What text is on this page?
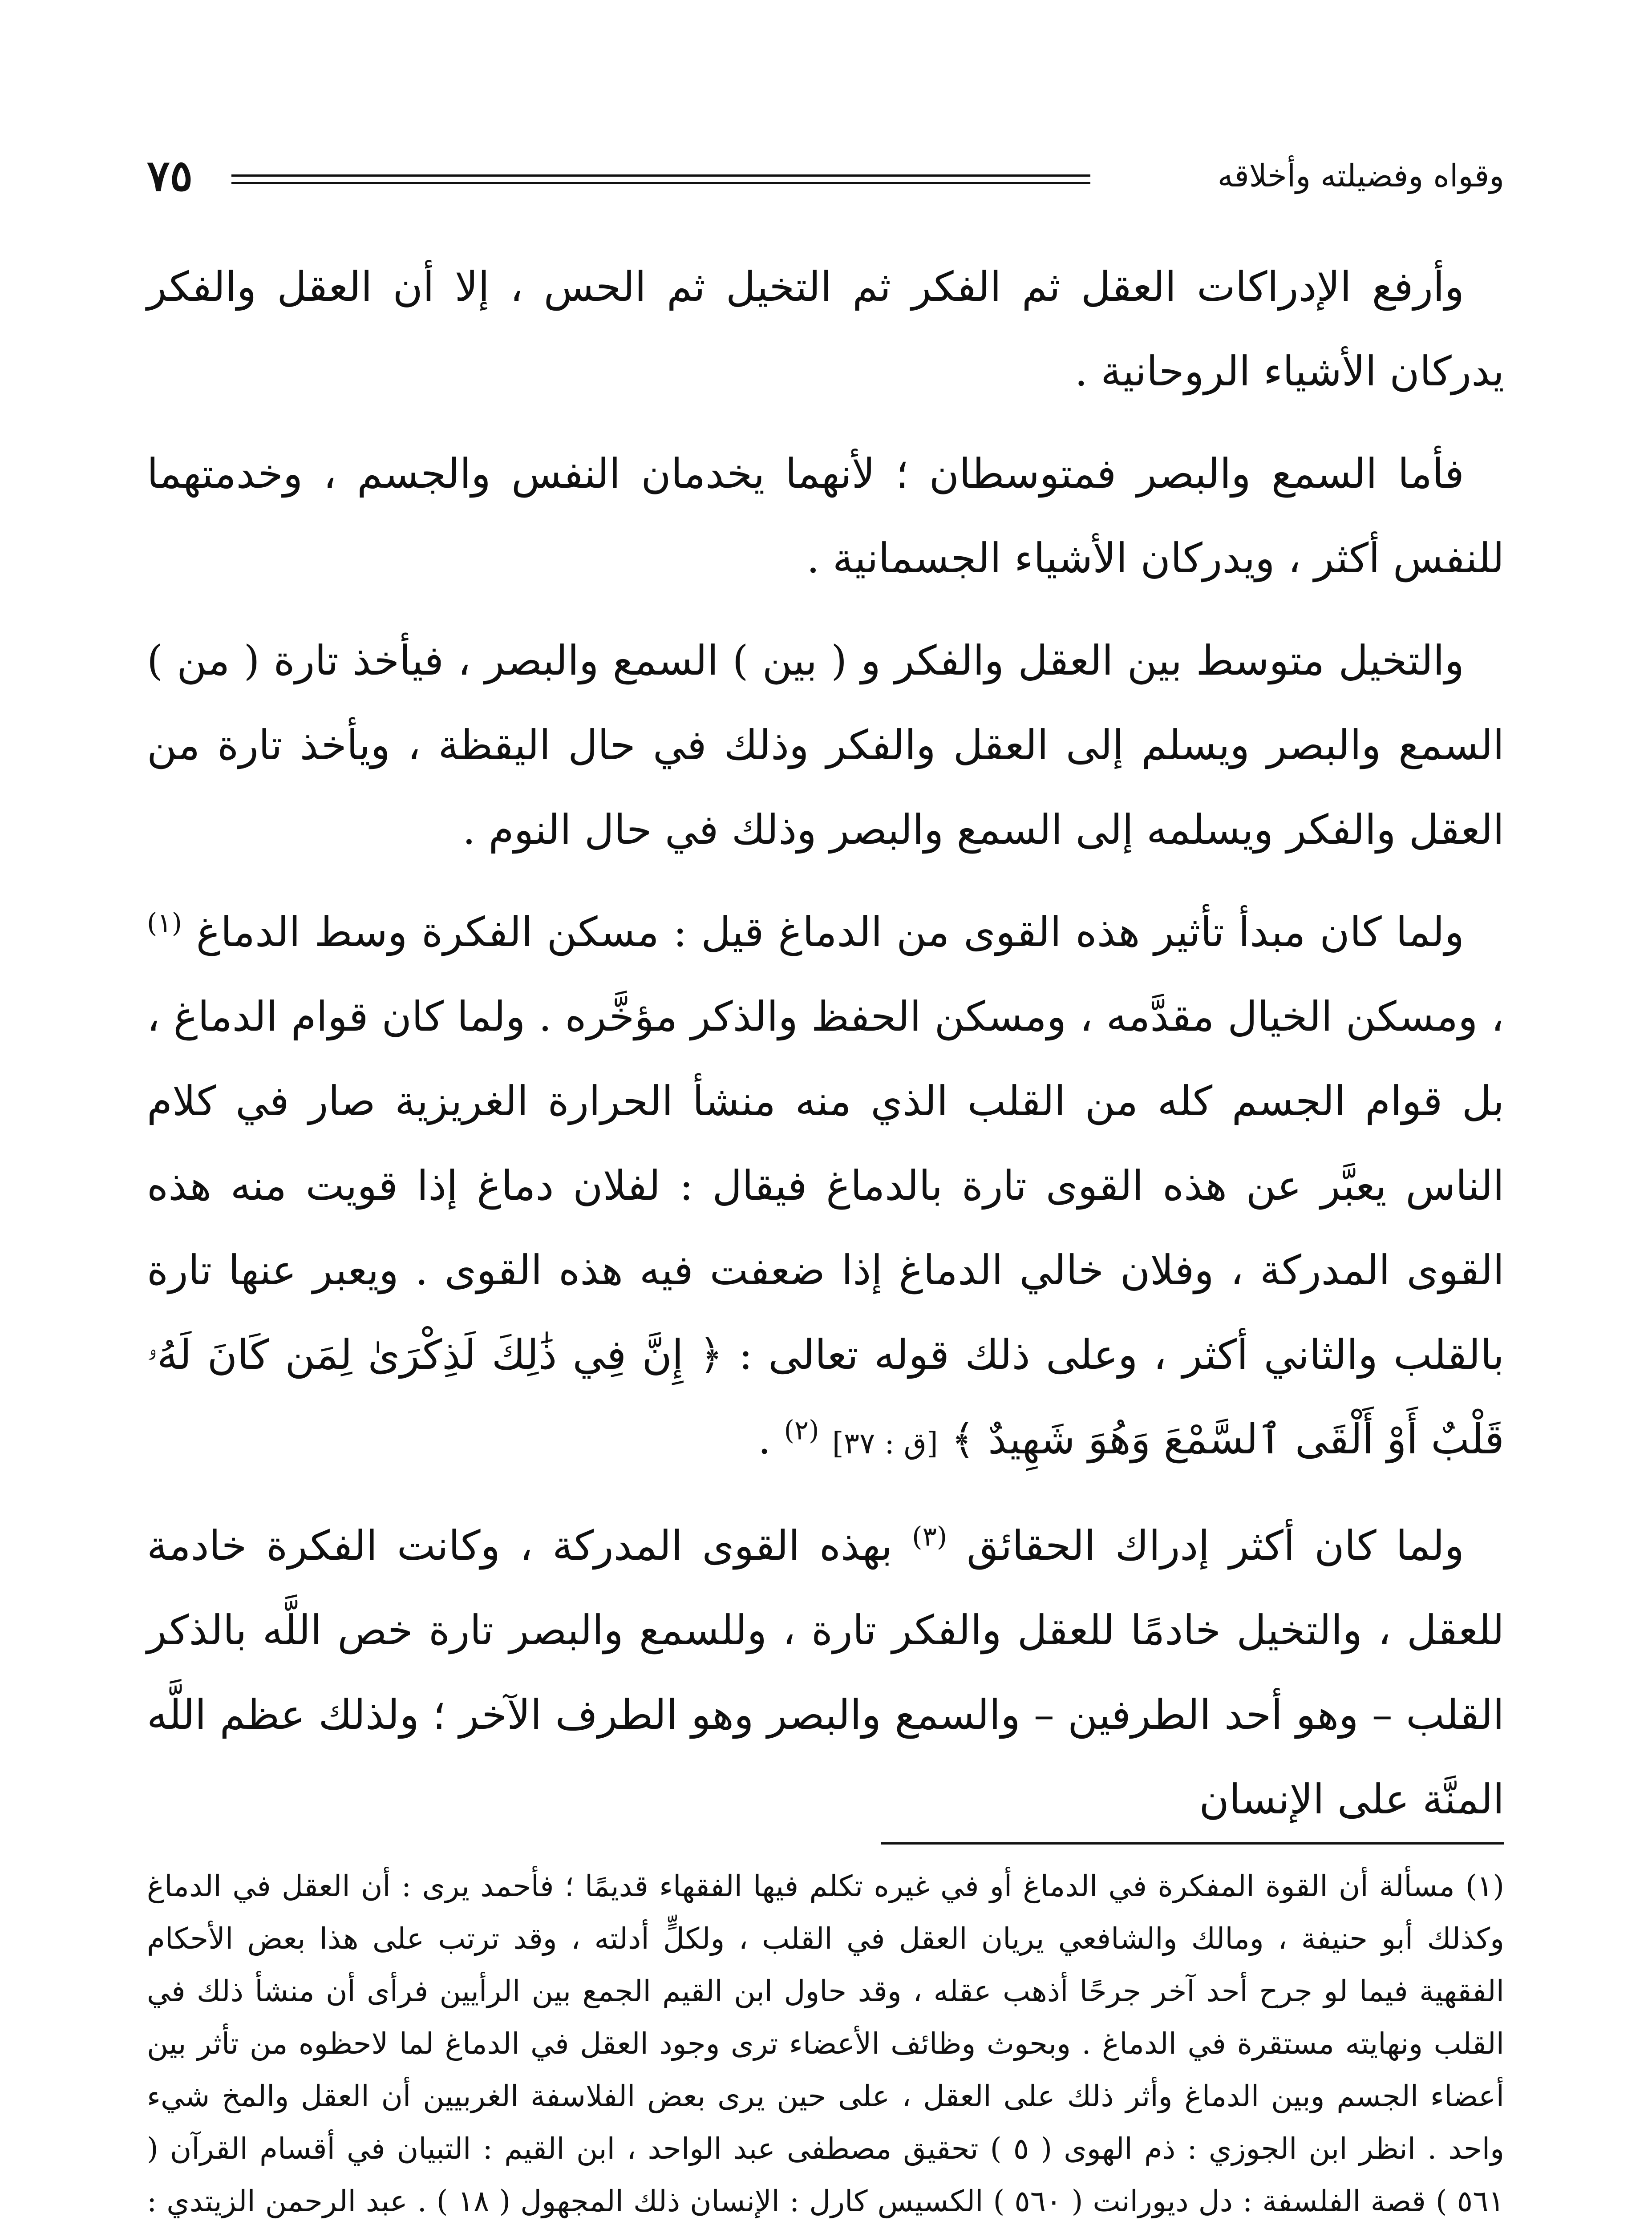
وقواه وفضيلته وأخلاقه
٧٥

وأرفع الإدراكات العقل ثم الفكر ثم التخيل ثم الحس ، إلا أن العقل والفكر يدركان الأشياء الروحانية .

فأما السمع والبصر فمتوسطان ؛ لأنهما يخدمان النفس والجسم ، وخدمتهما للنفس أكثر ، ويدركان الأشياء الجسمانية .

والتخيل متوسط بين العقل والفكر و ( بين ) السمع والبصر ، فيأخذ تارة ( من ) السمع والبصر ويسلم إلى العقل والفكر وذلك في حال اليقظة ، ويأخذ تارة من العقل والفكر ويسلمه إلى السمع والبصر وذلك في حال النوم .

ولما كان مبدأ تأثير هذه القوى من الدماغ قيل : مسكن الفكرة وسط الدماغ $^{(١)}$ ، ومسكن الخيال مقدَّمه ، ومسكن الحفظ والذكر مؤخَّره . ولما كان قوام الدماغ ، بل قوام الجسم كله من القلب الذي منه منشأ الحرارة الغريزية صار في كلام الناس يعبَّر عن هذه القوى تارة بالدماغ فيقال : لفلان دماغ إذا قويت منه هذه القوى المدركة ، وفلان خالي الدماغ إذا ضعفت فيه هذه القوى . ويعبر عنها تارة بالقلب والثاني أكثر ، وعلى ذلك قوله تعالى : ﴿ إِنَّ فِي ذَٰلِكَ لَذِكْرَىٰ لِمَن كَانَ لَهُۥ قَلْبٌ أَوْ أَلْقَى ٱلسَّمْعَ وَهُوَ شَهِيدٌ ﴾ [ق : ٣٧] $^{(٢)}$ .

ولما كان أكثر إدراك الحقائق $^{(٣)}$ بهذه القوى المدركة ، وكانت الفكرة خادمة للعقل ، والتخيل خادمًا للعقل والفكر تارة ، وللسمع والبصر تارة خص اللَّه بالذكر القلب – وهو أحد الطرفين – والسمع والبصر وهو الطرف الآخر ؛ ولذلك عظم اللَّه المنَّة على الإنسان

(١) مسألة أن القوة المفكرة في الدماغ أو في غيره تكلم فيها الفقهاء قديمًا ؛ فأحمد يرى : أن العقل في الدماغ وكذلك أبو حنيفة ، ومالك والشافعي يريان العقل في القلب ، ولكلٍّ أدلته ، وقد ترتب على هذا بعض الأحكام الفقهية فيما لو جرح أحد آخر جرحًا أذهب عقله ، وقد حاول ابن القيم الجمع بين الرأيين فرأى أن منشأ ذلك في القلب ونهايته مستقرة في الدماغ . وبحوث وظائف الأعضاء ترى وجود العقل في الدماغ لما لاحظوه من تأثر بين أعضاء الجسم وبين الدماغ وأثر ذلك على العقل ، على حين يرى بعض الفلاسفة الغربيين أن العقل والمخ شيء واحد . انظر ابن الجوزي : ذم الهوى ( ٥ ) تحقيق مصطفى عبد الواحد ، ابن القيم : التبيان في أقسام القرآن ( ٥٦١ ) قصة الفلسفة : دل ديورانت ( ٥٦٠ ) الكسيس كارل : الإنسان ذلك المجهول ( ١٨ ) . عبد الرحمن الزيتدي :
